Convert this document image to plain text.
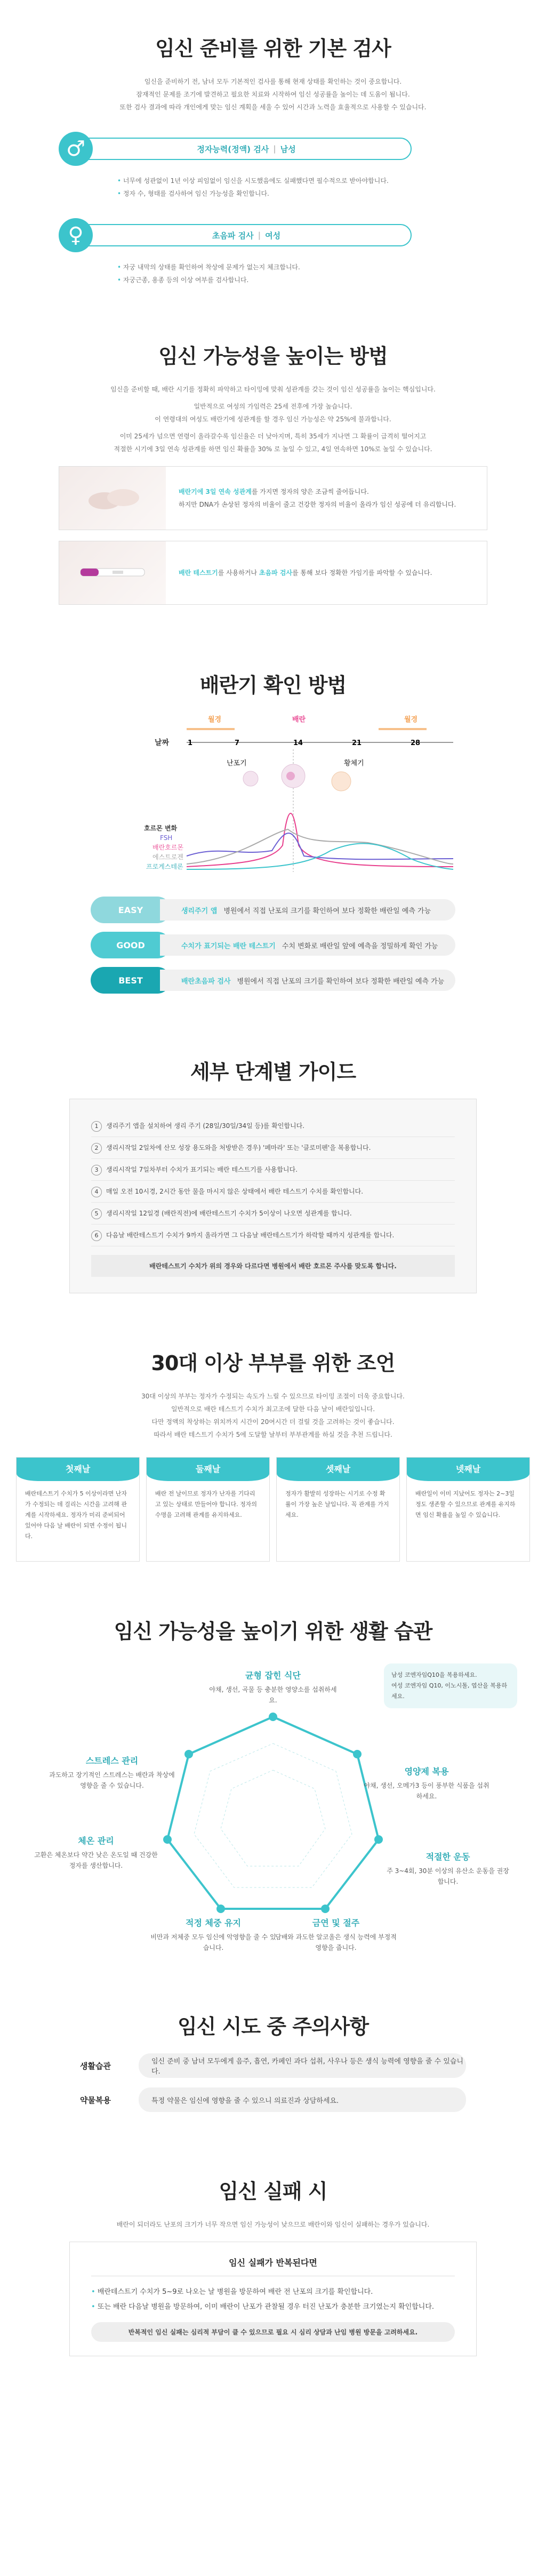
임신 준비를 위한 기본 검사

임신을 준비하기 전, 남녀 모두 기본적인 검사를 통해 현재 상태를 확인하는 것이 중요합니다.

잠재적인 문제를 조기에 발견하고 필요한 치료와 시작하여 임신 성공률을 높이는 데 도움이 됩니다.

또한 검사 결과에 따라 개인에게 맞는 임신 계획을 세울 수 있어 시간과 노력을 효율적으로 사용할 수 있습니다.

♂	정자능력(정액) 검사 | 남성
• 너무에 성관없이 1년 이상 피임없이 임신을 시도했음에도 실패했다면 필수적으로 받아야합니다.
• 정자 수, 형태를 검사하여 임신 가능성을 확인합니다.
♀	초음파 검사 | 여성
• 자궁 내막의 상태를 확인하여 착상에 문제가 없는지 체크합니다.
• 자궁근종, 용종 등의 이상 여부를 검사합니다.
임신 가능성을 높이는 방법

임신을 준비할 때, 배란 시기를 정확히 파악하고 타이밍에 맞춰 성관계를 갖는 것이 임신 성공률을 높이는 핵심입니다.

일반적으로 여성의 가임력은 25세 전후에 가장 높습니다.

이 연령대의 여성도 배란기에 성관계를 할 경우 임신 가능성은 약 25%에 불과합니다.

이미 25세가 넘으면 연령이 올라갈수록 임신율은 더 낮아지며, 특히 35세가 지나면 그 확률이 급격히 떨어지고

적절한 시기에 3일 연속 성관계를 하면 임신 확률을 30% 로 높일 수 있고, 4일 연속하면 10%로 높일 수 있습니다.

배란기에 3일 연속 성관계를 가지면 정자의 양은 조금씩 줄어듭니다.
하지만 DNA가 손상된 정자의 비율이 줄고 건강한 정자의 비율이 올라가 임신 성공에 더 유리합니다.
배란 테스트기를 사용하거나 초음파 검사를 통해 보다 정확한 가임기를 파악할 수 있습니다.
배란기 확인 방법
월경	배란	월경
날짜	1	7	14	21	28
난포기	황체기
호르몬 변화
FSH
배란호르몬
에스트로겐
프로게스테론
EASY	생리주기 앱 병원에서 직접 난포의 크기를 확인하여 보다 정확한 배란일 예측 가능
GOOD	수치가 표기되는 배란 테스트기 수치 변화로 배란일 앞에 예측을 정밀하게 확인 가능
BEST	배란초음파 검사 병원에서 직접 난포의 크기를 확인하여 보다 정확한 배란일 예측 가능
세부 단계별 가이드
1 생리주기 앱을 설치하여 생리 주기 (28일/30일/34일 등)를 확인합니다.
2 생리시작일 2일차에 산모 성장 용도와을 처방받은 경우) '페마라' 또는 '클로미펜'을 복용합니다.
3 생리시작일 7일차부터 수치가 표기되는 배란 테스트기를 사용합니다.
4 매일 오전 10시경, 2시간 동안 물을 마시지 않은 상태에서 배란 테스트기 수치를 확인합니다.
5 생리시작일 12일경 (배란직전)에 배란테스트기 수치가 5이상이 나오면 성관계를 합니다.
6 다음날 배란테스트기 수치가 9까지 올라가면 그 다음날 배란테스트기가 하락할 때까지 성관계를 합니다.
배란테스트기 수치가 위의 경우와 다르다면 병원에서 배란 호르몬 주사를 맞도록 합니다.
30대 이상 부부를 위한 조언

30대 이상의 부부는 정자가 수정되는 속도가 느릴 수 있으므로 타이밍 조절이 더욱 중요합니다.

일반적으로 배란 테스트기 수치가 최고조에 달한 다음 날이 배란일입니다.

다만 정액의 착상하는 위치까지 시간이 20여시간 더 걸릴 것을 고려하는 것이 좋습니다.

따라서 배란 테스트기 수치가 5에 도달할 날부터 부부관계를 하실 것을 추천 드립니다.

첫째날
배란테스트기 수치가 5 이상이라면 난자가 수정되는 데 걸리는 시간을 고려해 관계를 시작하세요. 정자가 미리 준비되어 있어야 다음 날 배란이 되면 수정이 됩니다.
둘째날
배란 전 날이므로 정자가 난자를 기다리고 있는 상태로 만들어야 합니다. 정자의 수명을 고려해 관계를 유지하세요.
셋째날
정자가 활발히 성장하는 시기로 수정 확률이 가장 높은 날입니다. 꼭 관계를 가지세요.
넷째날
배란일이 이미 지났어도 정자는 2~3일 정도 생존할 수 있으므로 관계를 유지하면 임신 확률을 높일 수 있습니다.
임신 가능성을 높이기 위한 생활 습관
균형 잡힌 식단

야채, 생선, 곡물 등 충분한 영양소를 섭취하세요.

영양제 복용

야채, 생선, 오메가3 등이 풍부한 식품을 섭취하세요.

적절한 운동

주 3~4회, 30분 이상의 유산소 운동을 권장합니다.

금연 및 절주

담배와 과도한 알코올은 생식 능력에 부정적 영향을 줍니다.

적정 체중 유지

비만과 저체중 모두 임신에 악영향을 줄 수 있습니다.

체온 관리

고환은 체온보다 약간 낮은 온도일 때 건강한 정자를 생산합니다.

스트레스 관리

과도하고 장기적인 스트레스는 배란과 착상에 영향을 줄 수 있습니다.

남성 코엔자임Q10을 복용하세요.
여성 코엔자임 Q10, 이노시톨, 엽산을 복용하세요.
임신 시도 중 주의사항
생활습관	임신 준비 중 남녀 모두에게 음주, 흡연, 카페인 과다 섭취, 사우나 등은 생식 능력에 영향을 줄 수 있습니다.
약물복용	특정 약물은 임신에 영향을 줄 수 있으니 의료진과 상담하세요.
임신 실패 시

배란이 되더라도 난포의 크기가 너무 작으면 임신 가능성이 낮으므로 배란이와 임신이 실패하는 경우가 있습니다.

임신 실패가 반복된다면
• 배란테스트기 수치가 5~9로 나오는 날 병원을 방문하여 배란 전 난포의 크기를 확인합니다.
• 또는 배란 다음날 병원을 방문하여, 이미 배란이 난포가 관찰될 경우 터진 난포가 충분한 크기였는지 확인합니다.
반복적인 임신 실패는 심리적 부담이 클 수 있으므로 필요 시 심리 상담과 난임 병원 방문을 고려하세요.
